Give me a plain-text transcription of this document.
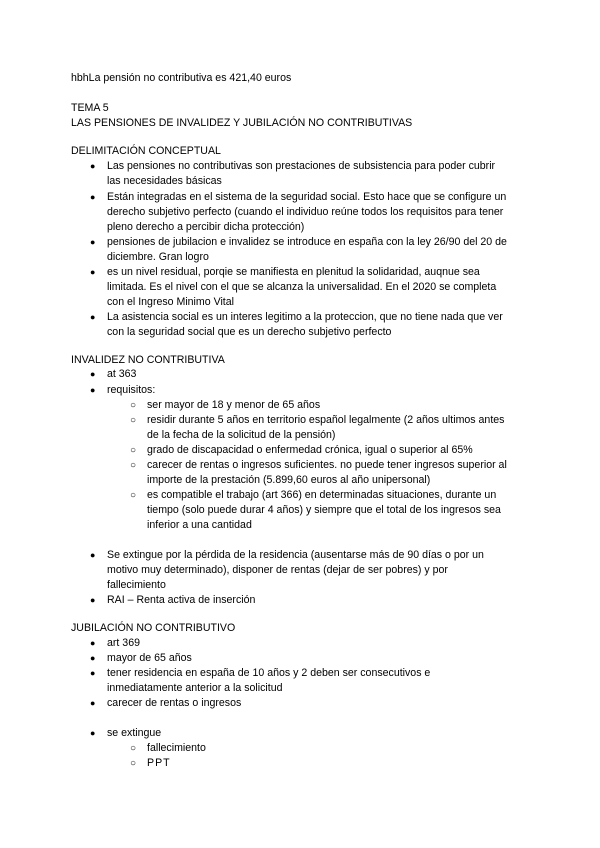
hbhLa pensión no contributiva es 421,40 euros
TEMA 5
LAS PENSIONES DE INVALIDEZ Y JUBILACIÓN NO CONTRIBUTIVAS
DELIMITACIÓN CONCEPTUAL
● Las pensiones no contributivas son prestaciones de subsistencia para poder cubrir
las necesidades básicas
● Están integradas en el sistema de la seguridad social. Esto hace que se configure un
derecho subjetivo perfecto (cuando el individuo reúne todos los requisitos para tener
pleno derecho a percibir dicha protección)
● pensiones de jubilacion e invalidez se introduce en españa con la ley 26/90 del 20 de
diciembre. Gran logro
● es un nivel residual, porqie se manifiesta en plenitud la solidaridad, auqnue sea
limitada. Es el nivel con el que se alcanza la universalidad. En el 2020 se completa
con el Ingreso Minimo Vital
● La asistencia social es un interes legitimo a la proteccion, que no tiene nada que ver
con la seguridad social que es un derecho subjetivo perfecto
INVALIDEZ NO CONTRIBUTIVA
● at 363
● requisitos:
○ ser mayor de 18 y menor de 65 años
○ residir durante 5 años en territorio español legalmente (2 años ultimos antes
de la fecha de la solicitud de la pensión)
○ grado de discapacidad o enfermedad crónica, igual o superior al 65%
○ carecer de rentas o ingresos suficientes. no puede tener ingresos superior al
importe de la prestación (5.899,60 euros al año unipersonal)
○ es compatible el trabajo (art 366) en determinadas situaciones, durante un
tiempo (solo puede durar 4 años) y siempre que el total de los ingresos sea
inferior a una cantidad
● Se extingue por la pérdida de la residencia (ausentarse más de 90 días o por un
motivo muy determinado), disponer de rentas (dejar de ser pobres) y por
fallecimiento
● RAI – Renta activa de inserción
JUBILACIÓN NO CONTRIBUTIVO
● art 369
● mayor de 65 años
● tener residencia en españa de 10 años y 2 deben ser consecutivos e
inmediatamente anterior a la solicitud
● carecer de rentas o ingresos
● se extingue
○ fallecimiento
○ PPT
